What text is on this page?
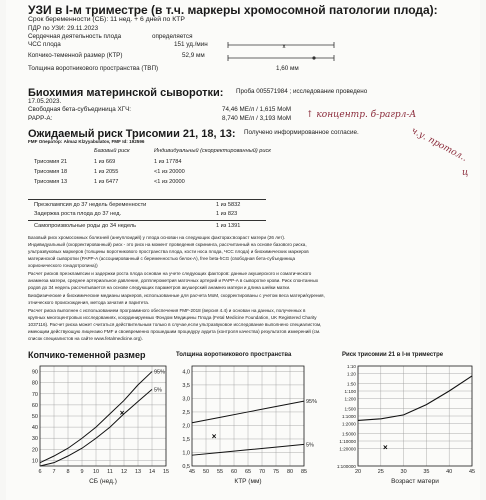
УЗИ в I-м триместре (в т.ч. маркеры хромосомной патологии плода):
Срок беременности (СБ): 11 нед. + 6 дней по КТР
ПДР по УЗИ: 29.11.2023
Сердечная деятельность плода	определяется
ЧСС плода	151 уд./мин
Копчико-теменной размер (КТР)	52,9 мм
Толщина воротникового пространства (ТВП)	1,60 мм
x
Биохимия материнской сыворотки: Проба 005571984 ; исследование проведено
17.05.2023.
Свободная бета-субъединица ХГЧ:	74,46 МЕ/л / 1,615 MoM
PAPP-A:	8,740 МЕ/л / 3,193 MoM ↑ концентр. б-рагрл-А
ч.у. протол..
ц
Ожидаемый риск Трисомии 21, 18, 13: Получено информированное согласие.
FMF Оператор: Almaz Klzyyabulatov, FMF Id: 192596
Базовый риск	Индивидуальный (скорректированный) риск
Трисомия 21	1 из 669	1 из 17784
Трисомия 18	1 из 2055	<1 из 20000
Трисомия 13	1 из 6477	<1 из 20000
Преэклампсия до 37 недель беременности	1 из 5832
Задержка роста плода до 37 нед.	1 из 823
Самопроизвольные роды до 34 недель	1 из 1391
Базовый риск хромосомных болезней (анеуплоидий) у плода основан на следующих факторах:возраст матери (26 лет).
Индивидуальный (скорректированный) риск - это риск на момент проведения скрининга, рассчитанный на основе базового риска,
ультразвуковых маркеров (толщины воротникового пространства плода, кости носа плода, ЧСС плода) и биохимических маркеров
материнской сыворотки (PAPP-A (ассоциированный с беременностью белок-А), free beta-hCG (свободная бета-субъединица
хорионического гонадотропина))
Расчет рисков преэклампсии и задержки роста плода основан на учете следующих факторов: данные акушерского и соматического
анамнеза матери, среднее артериальное давление, допплерометрия маточных артерий и PAPP-A в сыворотке крови. Риск спонтанных
родов до 34 недель рассчитывается на основе следующих параметров акушерский анамнез матери и длина шейки матки.
Биофизические и биохимические медианы маркеров, использованные для расчета MoM, скорректированы с учетом веса матери/курения,
этнического происхождения, метода зачатия и паритета.
Расчет риска выполнен с использованием программного обеспечения FMF-2018 (версия 4.4) и основан на данных, полученных в
крупных многоцентровых исследованиях, координируемых Фондом Медицины Плода (Fetal Medicine Foundation, UK Registered Charity
1037116). Расчет риска может считаться действительным только в случае,если ультразвуковое исследование выполнено специалистом,
имеющим действующую лицензию FMF и своевременно прошедшим процедуру аудита (контроля качества) результатов измерений (см.
список специалистов на сайте www.fetalmedicine.org).
Копчико-теменной размер	Толщина воротникового пространства	Риск трисомии 21 в I-м триместре
6 7 8 9 10 11 12 13 14 15
10
20
30
40
50
60
70
80
90	95%
5%
×
СБ (нед.)
45 50 55 60 65 70 75 80 85
0,5
1,0
1,5
2,0
2,5
3,0
3,5
4,0
95%
5%
×
КТР (мм)
1:100000
1:20000
1:10000
1:5000
1:2000
1:1000
1:500
1:200
1:100
1:50
1:20
1:10
20	25	30	35	40	45
×
Возраст матери
